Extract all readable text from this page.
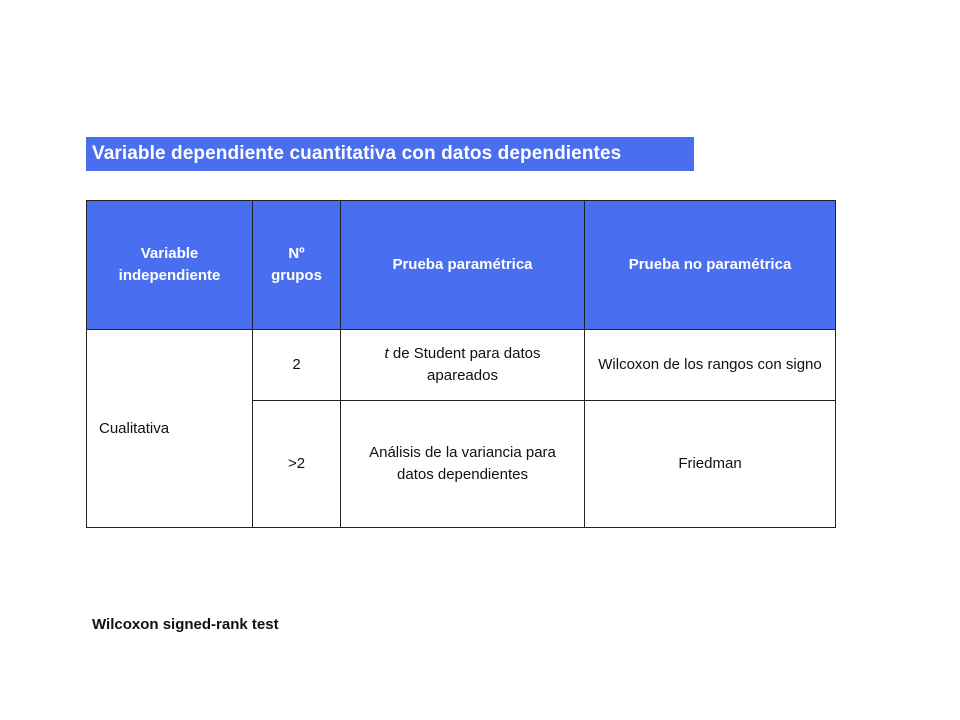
Variable dependiente cuantitativa con datos dependientes
Variable independiente	Nº grupos	Prueba paramétrica	Prueba no paramétrica
Cualitativa	2	t de Student para datos apareados	Wilcoxon de los rangos con signo
	>2	Análisis de la variancia para datos dependientes	Friedman
Wilcoxon signed-rank test
